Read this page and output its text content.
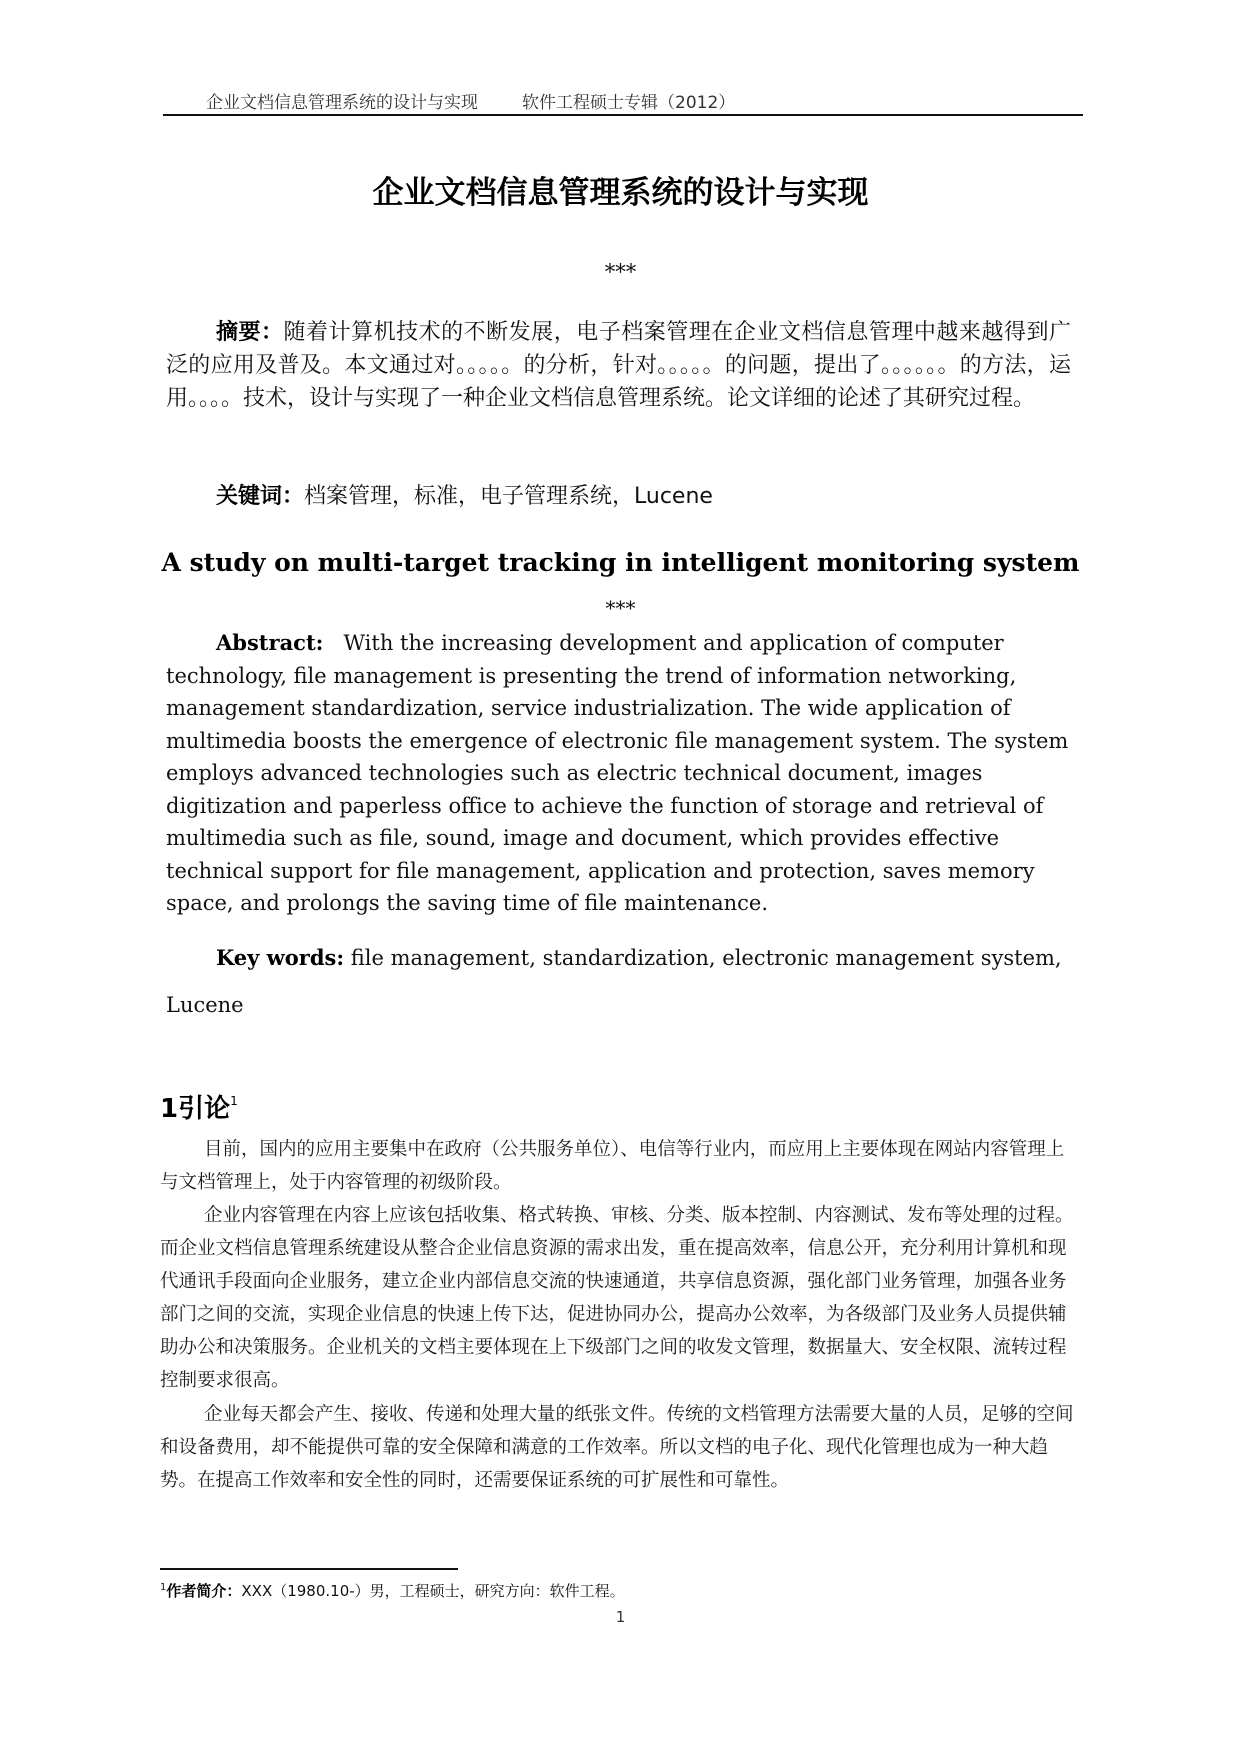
企业文档信息管理系统的设计与实现	软件工程硕士专辑（2012）
企业文档信息管理系统的设计与实现
***

摘要：随着计算机技术的不断发展，电子档案管理在企业文档信息管理中越来越得到广泛的应用及普及。本文通过对。。。。。的分析，针对。。。。。的问题，提出了。。。。。。的方法，运用。。。。技术，设计与实现了一种企业文档信息管理系统。论文详细的论述了其研究过程。

关键词：档案管理，标准，电子管理系统，Lucene

A study on multi-target tracking in intelligent monitoring system
***

Abstract: With the increasing development and application of computer technology, file management is presenting the trend of information networking, management standardization, service industrialization. The wide application of multimedia boosts the emergence of electronic file management system. The system employs advanced technologies such as electric technical document, images digitization and paperless office to achieve the function of storage and retrieval of multimedia such as file, sound, image and document, which provides effective technical support for file management, application and protection, saves memory space, and prolongs the saving time of file maintenance.

Key words: file management, standardization, electronic management system,

Lucene

1引论$^1$

目前，国内的应用主要集中在政府（公共服务单位）、电信等行业内，而应用上主要体现在网站内容管理上与文档管理上，处于内容管理的初级阶段。

企业内容管理在内容上应该包括收集、格式转换、审核、分类、版本控制、内容测试、发布等处理的过程。而企业文档信息管理系统建设从整合企业信息资源的需求出发，重在提高效率，信息公开，充分利用计算机和现代通讯手段面向企业服务，建立企业内部信息交流的快速通道，共享信息资源，强化部门业务管理，加强各业务部门之间的交流，实现企业信息的快速上传下达，促进协同办公，提高办公效率，为各级部门及业务人员提供辅助办公和决策服务。企业机关的文档主要体现在上下级部门之间的收发文管理，数据量大、安全权限、流转过程控制要求很高。

企业每天都会产生、接收、传递和处理大量的纸张文件。传统的文档管理方法需要大量的人员，足够的空间和设备费用，却不能提供可靠的安全保障和满意的工作效率。所以文档的电子化、现代化管理也成为一种大趋势。在提高工作效率和安全性的同时，还需要保证系统的可扩展性和可靠性。

$^1$作者简介：XXX（1980.10-）男，工程硕士，研究方向：软件工程。
1
